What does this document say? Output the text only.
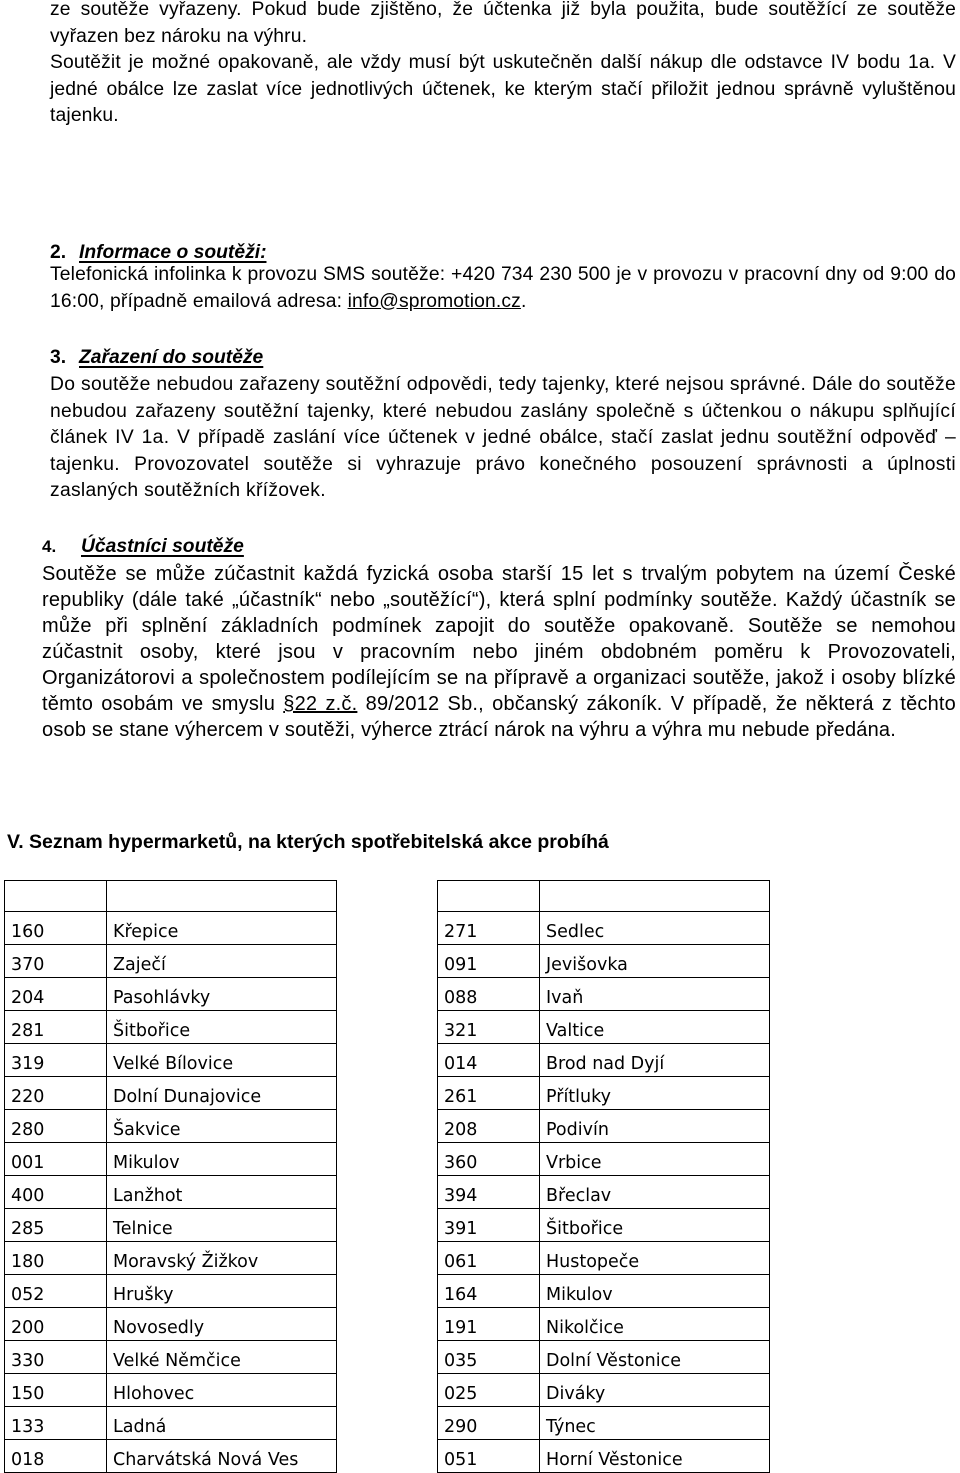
ze soutěže vyřazeny. Pokud bude zjištěno, že účtenka již byla použita, bude soutěžící ze soutěže vyřazen bez nároku na výhru.
Soutěžit je možné opakovaně, ale vždy musí být uskutečněn další nákup dle odstavce IV bodu 1a. V jedné obálce lze zaslat více jednotlivých účtenek, ke kterým stačí přiložit jednou správně vyluštěnou tajenku.

2. Informace o soutěži:

Telefonická infolinka k provozu SMS soutěže: +420 734 230 500 je v provozu v pracovní dny od 9:00 do 16:00, případně emailová adresa: info@spromotion.cz.

3. Zařazení do soutěže

Do soutěže nebudou zařazeny soutěžní odpovědi, tedy tajenky, které nejsou správné. Dále do soutěže nebudou zařazeny soutěžní tajenky, které nebudou zaslány společně s účtenkou o nákupu splňující článek IV 1a. V případě zaslání více účtenek v jedné obálce, stačí zaslat jednu soutěžní odpověď – tajenku. Provozovatel soutěže si vyhrazuje právo konečného posouzení správnosti a úplnosti zaslaných soutěžních křížovek.

4. Účastníci soutěže

Soutěže se může zúčastnit každá fyzická osoba starší 15 let s trvalým pobytem na území České republiky (dále také „účastník“ nebo „soutěžící“), která splní podmínky soutěže. Každý účastník se může při splnění základních podmínek zapojit do soutěže opakovaně. Soutěže se nemohou zúčastnit osoby, které jsou v pracovním nebo jiném obdobném poměru k Provozovateli, Organizátorovi a společnostem podílejícím se na přípravě a organizaci soutěže, jakož i osoby blízké těmto osobám ve smyslu §22 z.č. 89/2012 Sb., občanský zákoník. V případě, že některá z těchto osob se stane výhercem v soutěži, výherce ztrácí nárok na výhru a výhra mu nebude předána.

V. Seznam hypermarketů, na kterých spotřebitelská akce probíhá

160	Křepice
370	Zaječí
204	Pasohlávky
281	Šitbořice
319	Velké Bílovice
220	Dolní Dunajovice
280	Šakvice
001	Mikulov
400	Lanžhot
285	Telnice
180	Moravský Žižkov
052	Hrušky
200	Novosedly
330	Velké Němčice
150	Hlohovec
133	Ladná
018	Charvátská Nová Ves

271	Sedlec
091	Jevišovka
088	Ivaň
321	Valtice
014	Brod nad Dyjí
261	Přítluky
208	Podivín
360	Vrbice
394	Břeclav
391	Šitbořice
061	Hustopeče
164	Mikulov
191	Nikolčice
035	Dolní Věstonice
025	Diváky
290	Týnec
051	Horní Věstonice
